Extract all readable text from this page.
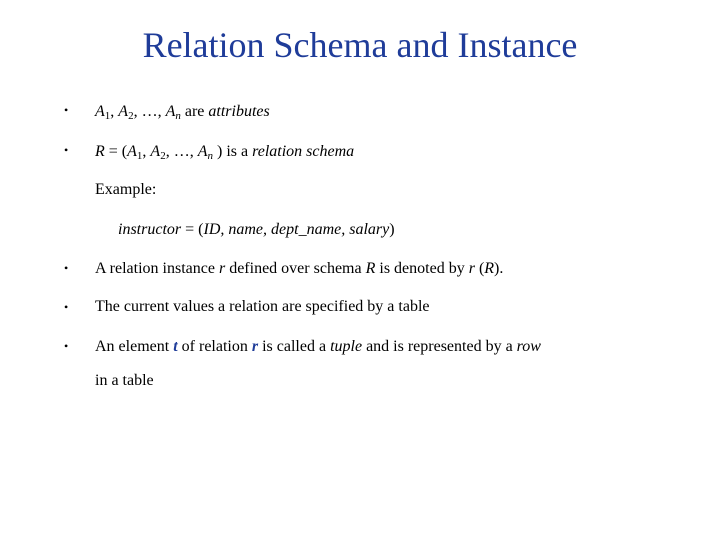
Relation Schema and Instance
• $A_1$, $A_2$, …, $A_n$ are attributes
• $R = (A_1$, $A_2$, …, $A_n$ ) is a relation schema
Example:
instructor = (ID, name, dept_name, salary)
• A relation instance r defined over schema R is denoted by r (R).
• The current values a relation are specified by a table
• An element t of relation r is called a tuple and is represented by a row
in a table
